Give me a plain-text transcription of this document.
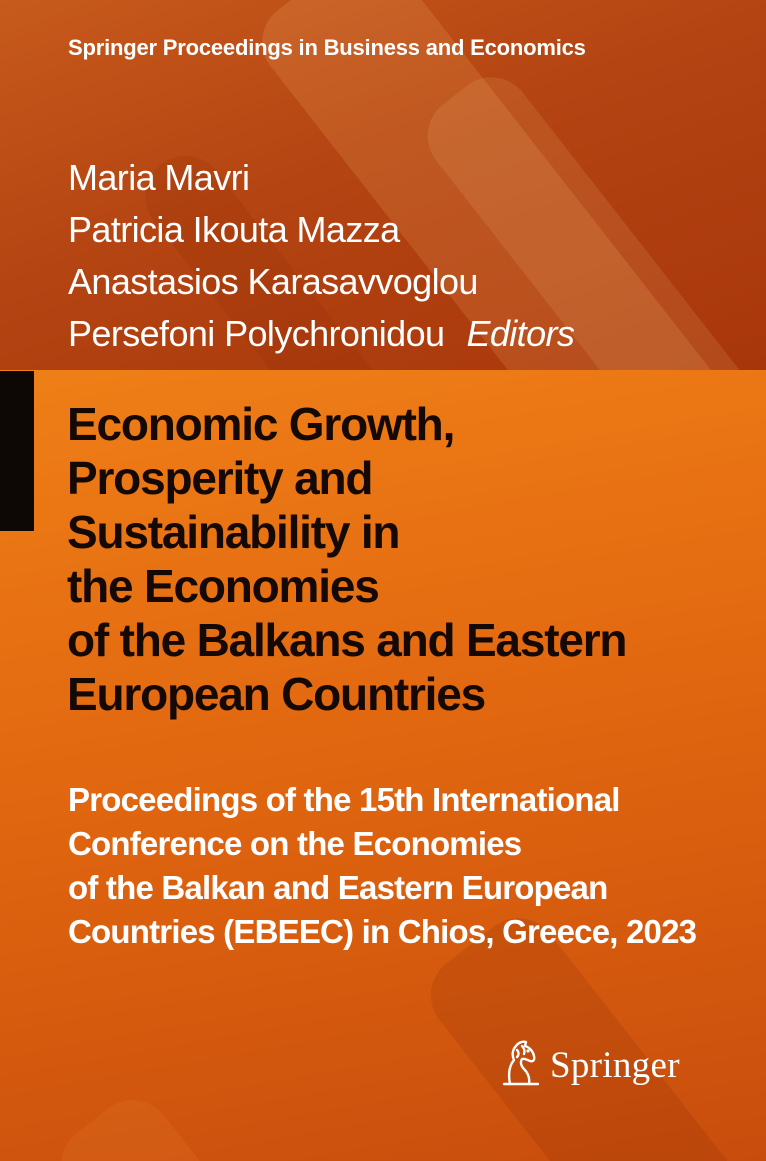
Springer Proceedings in Business and Economics
Maria Mavri
Patricia Ikouta Mazza
Anastasios Karasavvoglou
Persefoni Polychronidou Editors
Economic Growth,
Prosperity and
Sustainability in
the Economies
of the Balkans and Eastern
European Countries
Proceedings of the 15th International
Conference on the Economies
of the Balkan and Eastern European
Countries (EBEEC) in Chios, Greece, 2023
Springer
